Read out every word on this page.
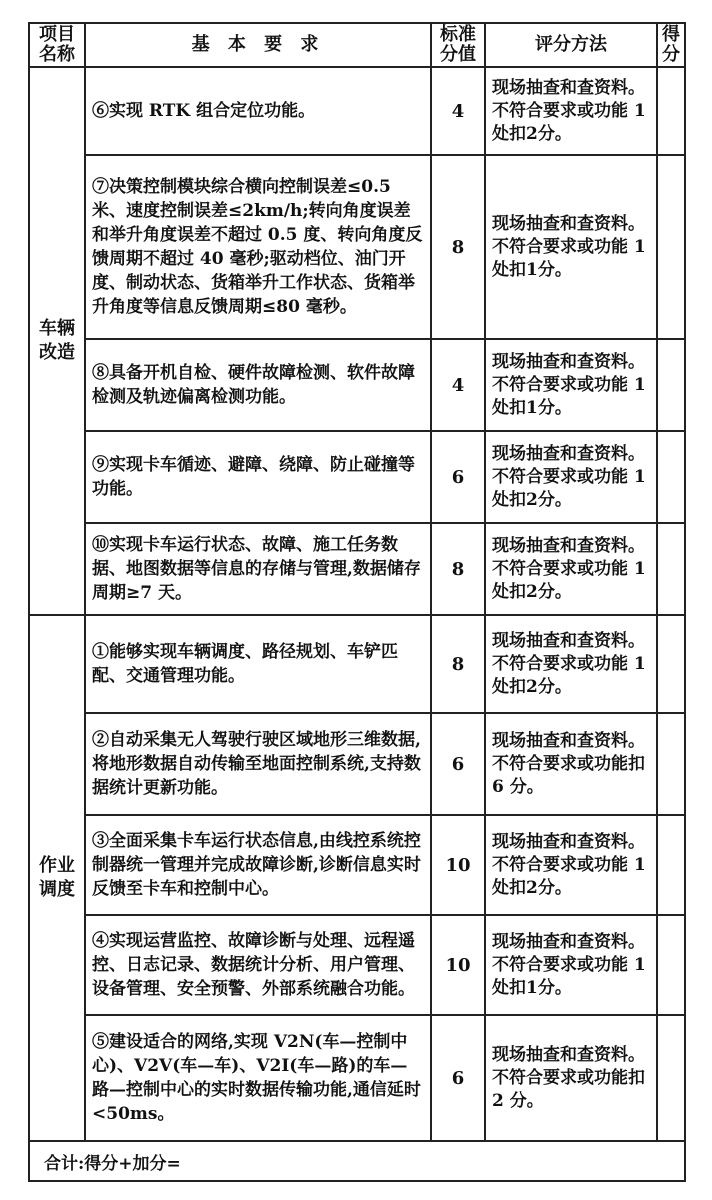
项目名称	基 本 要 求	标准分值	评分方法	得分
车辆改造	⑥实现 RTK 组合定位功能。	4	现场抽查和查资料。不符合要求或功能 1 处扣2分。	
	⑦决策控制模块综合横向控制误差≤0.5 米、速度控制误差≤2km/h;转向角度误差和举升角度误差不超过 0.5 度、转向角度反馈周期不超过 40 毫秒;驱动档位、油门开度、制动状态、货箱举升工作状态、货箱举升角度等信息反馈周期≤80 毫秒。	8	现场抽查和查资料。不符合要求或功能 1 处扣1分。	
	⑧具备开机自检、硬件故障检测、软件故障检测及轨迹偏离检测功能。	4	现场抽查和查资料。不符合要求或功能 1 处扣1分。	
	⑨实现卡车循迹、避障、绕障、防止碰撞等功能。	6	现场抽查和查资料。不符合要求或功能 1 处扣2分。	
	⑩实现卡车运行状态、故障、施工任务数据、地图数据等信息的存储与管理,数据储存周期≥7 天。	8	现场抽查和查资料。不符合要求或功能 1 处扣2分。	
作业调度	①能够实现车辆调度、路径规划、车铲匹配、交通管理功能。	8	现场抽查和查资料。不符合要求或功能 1 处扣2分。	
	②自动采集无人驾驶行驶区域地形三维数据,将地形数据自动传输至地面控制系统,支持数据统计更新功能。	6	现场抽查和查资料。不符合要求或功能扣 6 分。	
	③全面采集卡车运行状态信息,由线控系统控制器统一管理并完成故障诊断,诊断信息实时反馈至卡车和控制中心。	10	现场抽查和查资料。不符合要求或功能 1 处扣2分。	
	④实现运营监控、故障诊断与处理、远程遥控、日志记录、数据统计分析、用户管理、设备管理、安全预警、外部系统融合功能。	10	现场抽查和查资料。不符合要求或功能 1 处扣1分。	
	⑤建设适合的网络,实现 V2N(车—控制中心)、V2V(车—车)、V2I(车—路)的车—路—控制中心的实时数据传输功能,通信延时<50ms。	6	现场抽查和查资料。不符合要求或功能扣 2 分。	
合计:得分+加分=				
